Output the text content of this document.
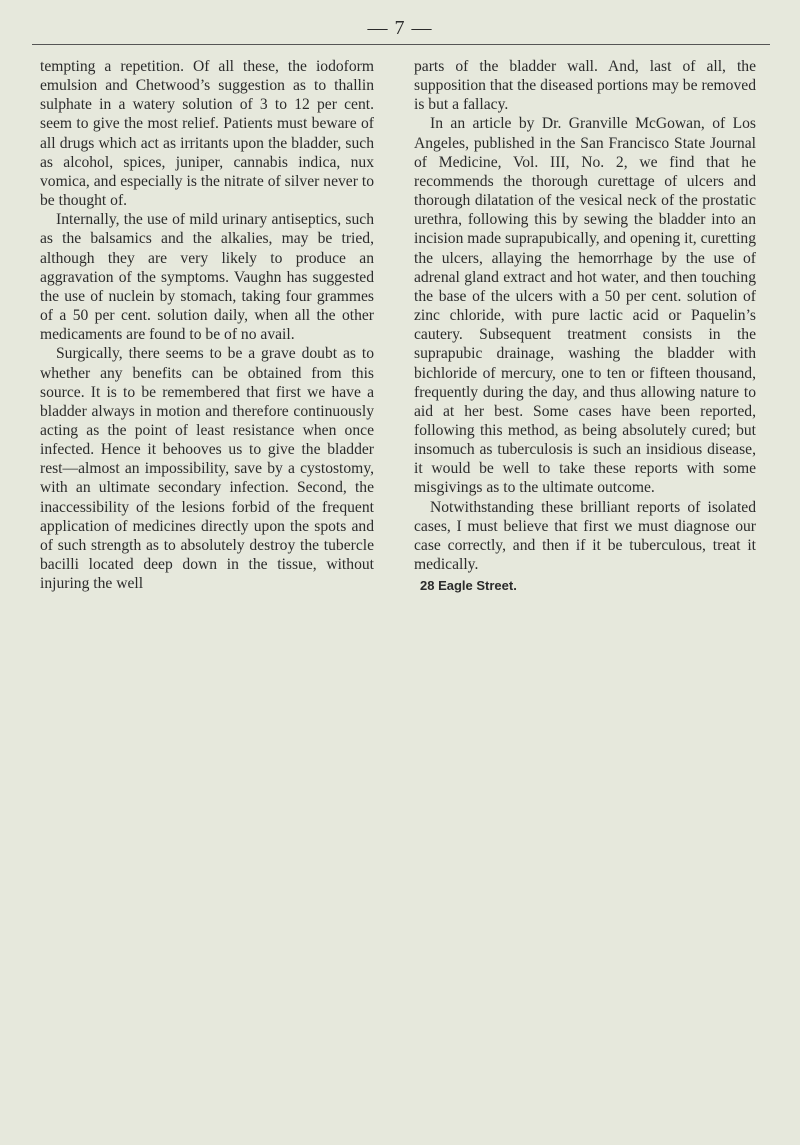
— 7 —

tempting a repetition. Of all these, the iodoform emulsion and Chetwood’s suggestion as to thallin sulphate in a watery solution of 3 to 12 per cent. seem to give the most relief. Patients must beware of all drugs which act as irritants upon the bladder, such as alcohol, spices, juniper, cannabis indica, nux vomica, and especially is the nitrate of silver never to be thought of.

Internally, the use of mild urinary antiseptics, such as the balsamics and the alkalies, may be tried, although they are very likely to produce an aggravation of the symptoms. Vaughn has suggested the use of nuclein by stomach, taking four grammes of a 50 per cent. solution daily, when all the other medicaments are found to be of no avail.

Surgically, there seems to be a grave doubt as to whether any benefits can be obtained from this source. It is to be remembered that first we have a bladder always in motion and therefore continuously acting as the point of least resistance when once infected. Hence it behooves us to give the bladder rest—almost an impossibility, save by a cystostomy, with an ultimate secondary infection. Second, the inaccessibility of the lesions forbid of the frequent application of medicines directly upon the spots and of such strength as to absolutely destroy the tubercle bacilli located deep down in the tissue, without injuring the well

parts of the bladder wall. And, last of all, the supposition that the diseased portions may be removed is but a fallacy.

In an article by Dr. Granville McGowan, of Los Angeles, published in the San Francisco State Journal of Medicine, Vol. III, No. 2, we find that he recommends the thorough curettage of ulcers and thorough dilatation of the vesical neck of the prostatic urethra, following this by sewing the bladder into an incision made suprapubically, and opening it, curetting the ulcers, allaying the hemorrhage by the use of adrenal gland extract and hot water, and then touching the base of the ulcers with a 50 per cent. solution of zinc chloride, with pure lactic acid or Paquelin’s cautery. Subsequent treatment consists in the suprapubic drainage, washing the bladder with bichloride of mercury, one to ten or fifteen thousand, frequently during the day, and thus allowing nature to aid at her best. Some cases have been reported, following this method, as being absolutely cured; but insomuch as tuberculosis is such an insidious disease, it would be well to take these reports with some misgivings as to the ultimate outcome.

Notwithstanding these brilliant reports of isolated cases, I must believe that first we must diagnose our case correctly, and then if it be tuberculous, treat it medically.

28 Eagle Street.
